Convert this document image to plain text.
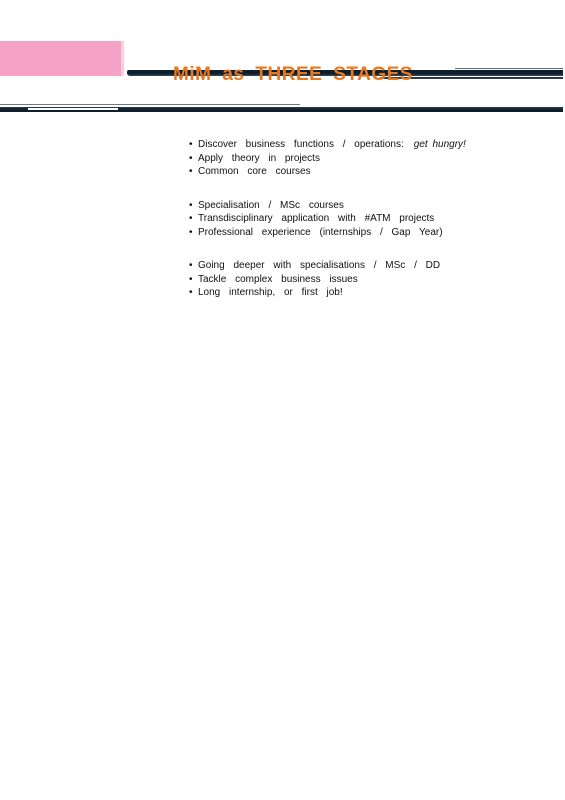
MiM as THREE STAGES
• Discover business functions / operations: get hungry!
• Apply theory in projects
• Common core courses
• Specialisation / MSc courses
• Transdisciplinary application with #ATM projects
• Professional experience (internships / Gap Year)
• Going deeper with specialisations / MSc / DD
• Tackle complex business issues
• Long internship, or first job!
